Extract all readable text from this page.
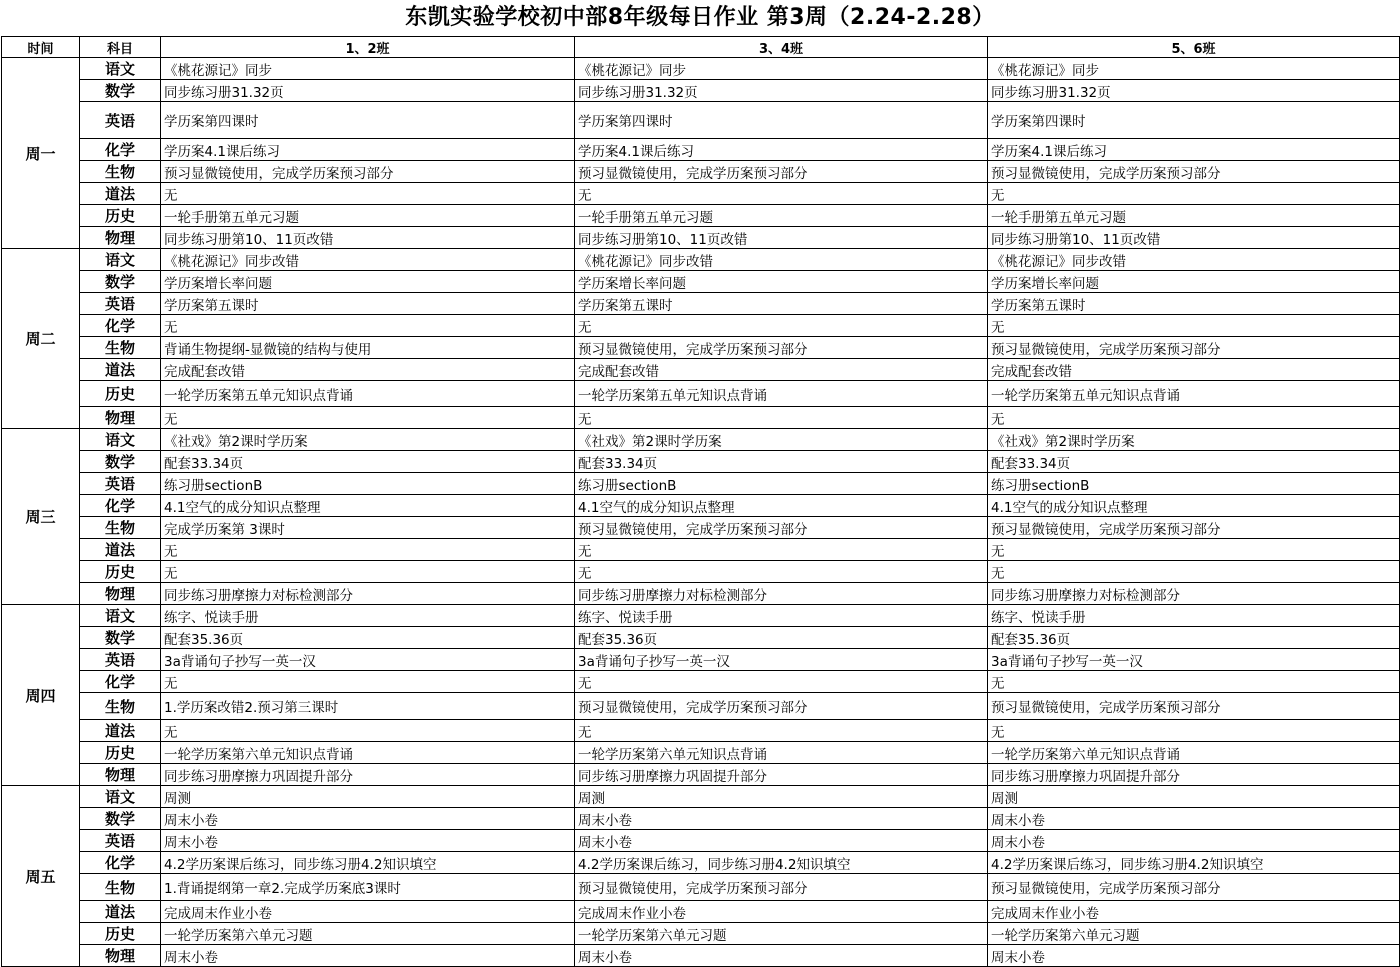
东凯实验学校初中部8年级每日作业 第3周（2.24-2.28）
时间	科目	1、2班	3、4班	5、6班
周一	语文	《桃花源记》同步	《桃花源记》同步	《桃花源记》同步
	数学	同步练习册31.32页	同步练习册31.32页	同步练习册31.32页
	英语	学历案第四课时	学历案第四课时	学历案第四课时
	化学	学历案4.1课后练习	学历案4.1课后练习	学历案4.1课后练习
	生物	预习显微镜使用，完成学历案预习部分	预习显微镜使用，完成学历案预习部分	预习显微镜使用，完成学历案预习部分
	道法	无	无	无
	历史	一轮手册第五单元习题	一轮手册第五单元习题	一轮手册第五单元习题
	物理	同步练习册第10、11页改错	同步练习册第10、11页改错	同步练习册第10、11页改错
周二	语文	《桃花源记》同步改错	《桃花源记》同步改错	《桃花源记》同步改错
	数学	学历案增长率问题	学历案增长率问题	学历案增长率问题
	英语	学历案第五课时	学历案第五课时	学历案第五课时
	化学	无	无	无
	生物	背诵生物提纲-显微镜的结构与使用	预习显微镜使用，完成学历案预习部分	预习显微镜使用，完成学历案预习部分
	道法	完成配套改错	完成配套改错	完成配套改错
	历史	一轮学历案第五单元知识点背诵	一轮学历案第五单元知识点背诵	一轮学历案第五单元知识点背诵
	物理	无	无	无
周三	语文	《社戏》第2课时学历案	《社戏》第2课时学历案	《社戏》第2课时学历案
	数学	配套33.34页	配套33.34页	配套33.34页
	英语	练习册sectionB	练习册sectionB	练习册sectionB
	化学	4.1空气的成分知识点整理	4.1空气的成分知识点整理	4.1空气的成分知识点整理
	生物	完成学历案第 3课时	预习显微镜使用，完成学历案预习部分	预习显微镜使用，完成学历案预习部分
	道法	无	无	无
	历史	无	无	无
	物理	同步练习册摩擦力对标检测部分	同步练习册摩擦力对标检测部分	同步练习册摩擦力对标检测部分
周四	语文	练字、悦读手册	练字、悦读手册	练字、悦读手册
	数学	配套35.36页	配套35.36页	配套35.36页
	英语	3a背诵句子抄写一英一汉	3a背诵句子抄写一英一汉	3a背诵句子抄写一英一汉
	化学	无	无	无
	生物	1.学历案改错2.预习第三课时	预习显微镜使用，完成学历案预习部分	预习显微镜使用，完成学历案预习部分
	道法	无	无	无
	历史	一轮学历案第六单元知识点背诵	一轮学历案第六单元知识点背诵	一轮学历案第六单元知识点背诵
	物理	同步练习册摩擦力巩固提升部分	同步练习册摩擦力巩固提升部分	同步练习册摩擦力巩固提升部分
周五	语文	周测	周测	周测
	数学	周末小卷	周末小卷	周末小卷
	英语	周末小卷	周末小卷	周末小卷
	化学	4.2学历案课后练习，同步练习册4.2知识填空	4.2学历案课后练习，同步练习册4.2知识填空	4.2学历案课后练习，同步练习册4.2知识填空
	生物	1.背诵提纲第一章2.完成学历案底3课时	预习显微镜使用，完成学历案预习部分	预习显微镜使用，完成学历案预习部分
	道法	完成周末作业小卷	完成周末作业小卷	完成周末作业小卷
	历史	一轮学历案第六单元习题	一轮学历案第六单元习题	一轮学历案第六单元习题
	物理	周末小卷	周末小卷	周末小卷
